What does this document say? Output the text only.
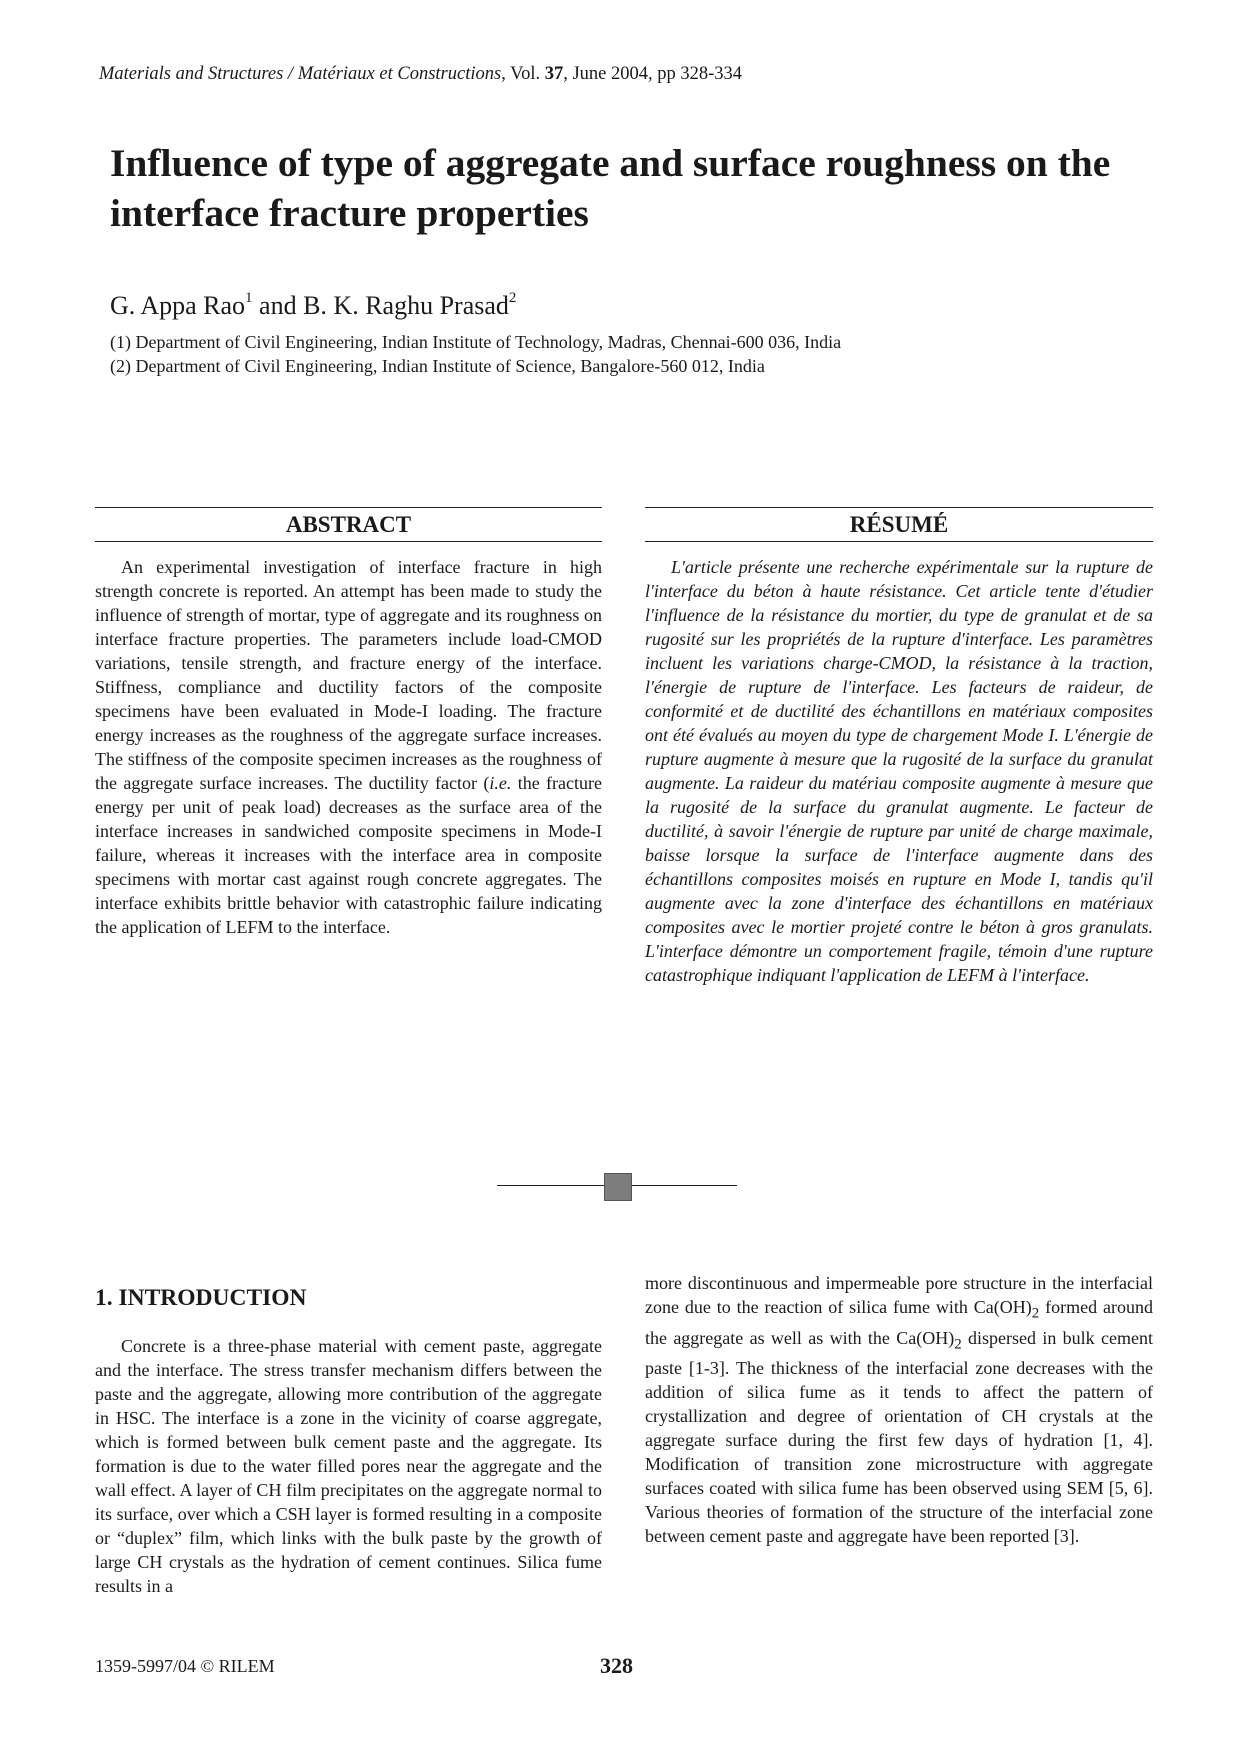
Materials and Structures / Matériaux et Constructions, Vol. 37, June 2004, pp 328-334
Influence of type of aggregate and surface roughness on the interface fracture properties
G. Appa Rao$^1$ and B. K. Raghu Prasad$^2$
(1) Department of Civil Engineering, Indian Institute of Technology, Madras, Chennai-600 036, India
(2) Department of Civil Engineering, Indian Institute of Science, Bangalore-560 012, India
ABSTRACT
An experimental investigation of interface fracture in high strength concrete is reported. An attempt has been made to study the influence of strength of mortar, type of aggregate and its roughness on interface fracture properties. The parameters include load-CMOD variations, tensile strength, and fracture energy of the interface. Stiffness, compliance and ductility factors of the composite specimens have been evaluated in Mode-I loading. The fracture energy increases as the roughness of the aggregate surface increases. The stiffness of the composite specimen increases as the roughness of the aggregate surface increases. The ductility factor (i.e. the fracture energy per unit of peak load) decreases as the surface area of the interface increases in sandwiched composite specimens in Mode-I failure, whereas it increases with the interface area in composite specimens with mortar cast against rough concrete aggregates. The interface exhibits brittle behavior with catastrophic failure indicating the application of LEFM to the interface.
RÉSUMÉ
L'article présente une recherche expérimentale sur la rupture de l'interface du béton à haute résistance. Cet article tente d'étudier l'influence de la résistance du mortier, du type de granulat et de sa rugosité sur les propriétés de la rupture d'interface. Les paramètres incluent les variations charge-CMOD, la résistance à la traction, l'énergie de rupture de l'interface. Les facteurs de raideur, de conformité et de ductilité des échantillons en matériaux composites ont été évalués au moyen du type de chargement Mode I. L'énergie de rupture augmente à mesure que la rugosité de la surface du granulat augmente. La raideur du matériau composite augmente à mesure que la rugosité de la surface du granulat augmente. Le facteur de ductilité, à savoir l'énergie de rupture par unité de charge maximale, baisse lorsque la surface de l'interface augmente dans des échantillons composites moisés en rupture en Mode I, tandis qu'il augmente avec la zone d'interface des échantillons en matériaux composites avec le mortier projeté contre le béton à gros granulats. L'interface démontre un comportement fragile, témoin d'une rupture catastrophique indiquant l'application de LEFM à l'interface.
1. INTRODUCTION
Concrete is a three-phase material with cement paste, aggregate and the interface. The stress transfer mechanism differs between the paste and the aggregate, allowing more contribution of the aggregate in HSC. The interface is a zone in the vicinity of coarse aggregate, which is formed between bulk cement paste and the aggregate. Its formation is due to the water filled pores near the aggregate and the wall effect. A layer of CH film precipitates on the aggregate normal to its surface, over which a CSH layer is formed resulting in a composite or “duplex” film, which links with the bulk paste by the growth of large CH crystals as the hydration of cement continues. Silica fume results in a
more discontinuous and impermeable pore structure in the interfacial zone due to the reaction of silica fume with $Ca(OH)_2$ formed around the aggregate as well as with the $Ca(OH)_2$ dispersed in bulk cement paste [1-3]. The thickness of the interfacial zone decreases with the addition of silica fume as it tends to affect the pattern of crystallization and degree of orientation of CH crystals at the aggregate surface during the first few days of hydration [1, 4]. Modification of transition zone microstructure with aggregate surfaces coated with silica fume has been observed using SEM [5, 6]. Various theories of formation of the structure of the interfacial zone between cement paste and aggregate have been reported [3].
1359-5997/04 © RILEM	328
